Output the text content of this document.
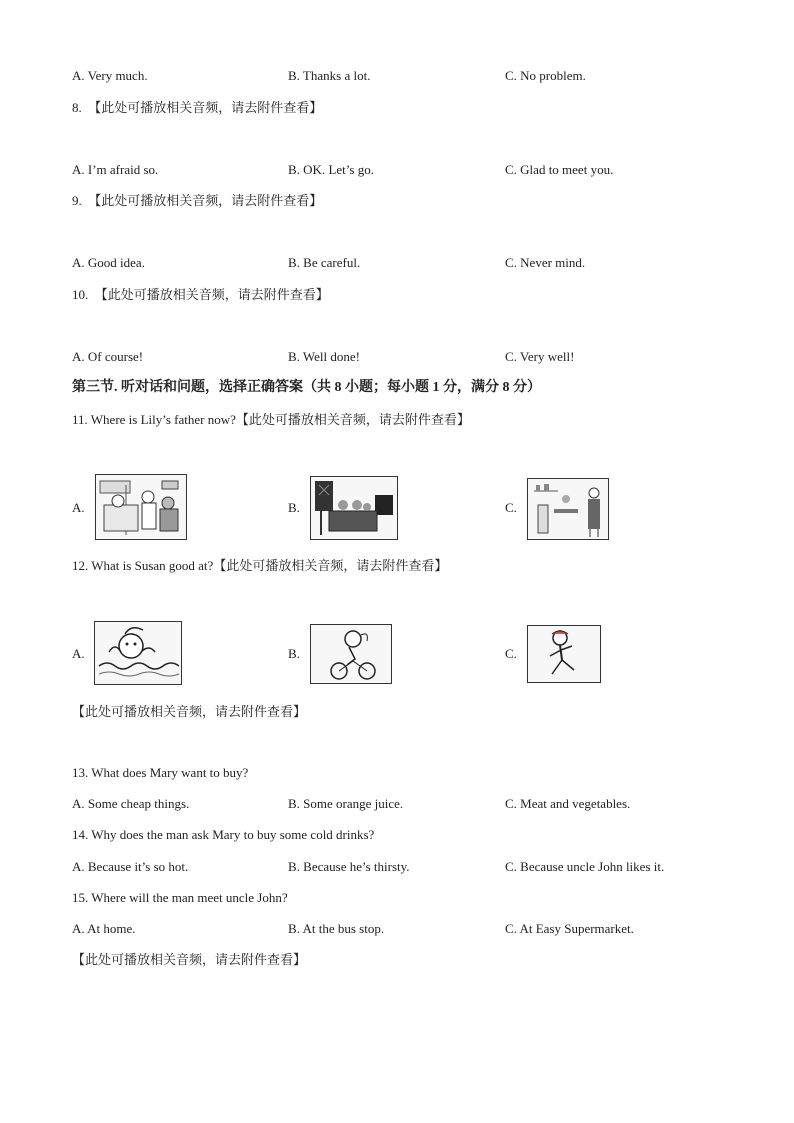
A. Very much.	B. Thanks a lot.	C. No problem.
8. 【此处可播放相关音频，请去附件查看】
A. I’m afraid so.	B. OK. Let’s go.	C. Glad to meet you.
9. 【此处可播放相关音频，请去附件查看】
A. Good idea.	B. Be careful.	C. Never mind.
10. 【此处可播放相关音频，请去附件查看】
A. Of course!	B. Well done!	C. Very well!
第三节. 听对话和问题，选择正确答案（共 8 小题；每小题 1 分，满分 8 分）
11. Where is Lily’s father now?【此处可播放相关音频，请去附件查看】
A.	B.	C.
12. What is Susan good at?【此处可播放相关音频，请去附件查看】
A.	B.	C.
【此处可播放相关音频，请去附件查看】
13. What does Mary want to buy?
A. Some cheap things.	B. Some orange juice.	C. Meat and vegetables.
14. Why does the man ask Mary to buy some cold drinks?
A. Because it’s so hot.	B. Because he’s thirsty.	C. Because uncle John likes it.
15. Where will the man meet uncle John?
A. At home.	B. At the bus stop.	C. At Easy Supermarket.
【此处可播放相关音频，请去附件查看】
